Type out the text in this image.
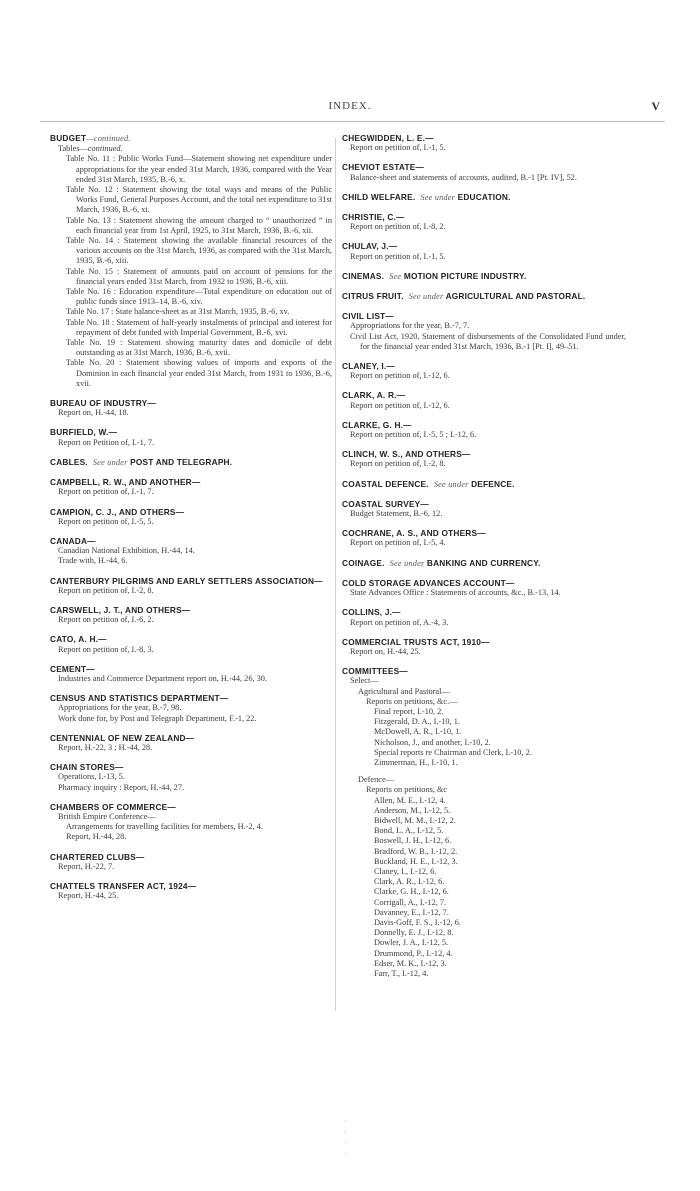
INDEX.	V
BUDGET—continued.
Tables—continued.
Table No. 11 : Public Works Fund—Statement showing net expenditure under appropriations for the year ended 31st March, 1936, compared with the Year ended 31st March, 1935, B.-6, x.
Table No. 12 : Statement showing the total ways and means of the Public Works Fund, General Purposes Account, and the total net expenditure to 31st March, 1936, B.-6, xi.
Table No. 13 : Statement showing the amount charged to “ unauthorized ” in each financial year from 1st April, 1925, to 31st March, 1936, B.-6, xii.
Table No. 14 : Statement showing the available financial resources of the various accounts on the 31st March, 1936, as compared with the 31st March, 1935, B.-6, xiii.
Table No. 15 : Statement of amounts paid on account of pensions for the financial years ended 31st March, from 1932 to 1936, B.-6, xiii.
Table No. 16 : Education expenditure—Total expenditure on education out of public funds since 1913–14, B.-6, xiv.
Table No. 17 : State balance-sheet as at 31st March, 1935, B.-6, xv.
Table No. 18 : Statement of half-yearly instalments of principal and interest for repayment of debt funded with Imperial Government, B.-6, xvi.
Table No. 19 : Statement showing maturity dates and domicile of debt outstanding as at 31st March, 1936, B.-6, xvii.
Table No. 20 : Statement showing values of imports and exports of the Dominion in each financial year ended 31st March, from 1931 to 1936, B.-6, xvii.
BUREAU OF INDUSTRY—
Report on, H.-44, 18.
BURFIELD, W.—
Report on Petition of, I.-1, 7.
CABLES. See under POST AND TELEGRAPH.
CAMPBELL, R. W., AND ANOTHER—
Report on petition of, I.-1, 7.
CAMPION, C. J., AND OTHERS—
Report on petition of, I.-5, 5.
CANADA—
Canadian National Exhibition, H.-44, 14.
Trade with, H.-44, 6.
CANTERBURY PILGRIMS AND EARLY SETTLERS ASSOCIATION—
Report on petition of, I.-2, 8.
CARSWELL, J. T., AND OTHERS—
Report on petition of, I.-6, 2.
CATO, A. H.—
Report on petition of, I.-8, 3.
CEMENT—
Industries and Commerce Department report on, H.-44, 26, 30.
CENSUS AND STATISTICS DEPARTMENT—
Appropriations for the year, B.-7, 98.
Work done for, by Post and Telegraph Department, F.-1, 22.
CENTENNIAL OF NEW ZEALAND—
Report, H.-22, 3 ; H.-44, 28.
CHAIN STORES—
Operations, I.-13, 5.
Pharmacy inquiry : Report, H.-44, 27.
CHAMBERS OF COMMERCE—
British Empire Conference—
Arrangements for travelling facilities for members, H.-2, 4.
Report, H.-44, 28.
CHARTERED CLUBS—
Report, H.-22, 7.
CHATTELS TRANSFER ACT, 1924—
Report, H.-44, 25.
CHEGWIDDEN, L. E.—
Report on petition of, I.-1, 5.
CHEVIOT ESTATE—
Balance-sheet and statements of accounts, audited, B.-1 [Pt. IV], 52.
CHILD WELFARE. See under EDUCATION.
CHRISTIE, C.—
Report on petition of, I.-8, 2.
CHULAV, J.—
Report on petition of, I.-1, 5.
CINEMAS. See MOTION PICTURE INDUSTRY.
CITRUS FRUIT. See under AGRICULTURAL AND PASTORAL.
CIVIL LIST—
Appropriations for the year, B.-7, 7.
Civil List Act, 1920, Statement of disbursements of the Consolidated Fund under, for the financial year ended 31st March, 1936, B.-1 [Pt. I], 49–51.
CLANEY, I.—
Report on petition of, I.-12, 6.
CLARK, A. R.—
Report on petition of, I.-12, 6.
CLARKE, G. H.—
Report on petition of, I.-5, 5 ; I.-12, 6.
CLINCH, W. S., AND OTHERS—
Report on petition of, I.-2, 8.
COASTAL DEFENCE. See under DEFENCE.
COASTAL SURVEY—
Budget Statement, B.-6, 12.
COCHRANE, A. S., AND OTHERS—
Report on petition of, I.-5, 4.
COINAGE. See under BANKING AND CURRENCY.
COLD STORAGE ADVANCES ACCOUNT—
State Advances Office : Statements of accounts, &c., B.-13, 14.
COLLINS, J.—
Report on petition of, A.-4, 3.
COMMERCIAL TRUSTS ACT, 1910—
Report on, H.-44, 25.
COMMITTEES—
Select—
Agricultural and Pastoral—
Reports on petitions, &c.—
Final report, I.-10, 2.
Fitzgerald, D. A., I.-10, 1.
McDowell, A. R., I.-10, 1.
Nicholson, J., and another, I.-10, 2.
Special reports re Chairman and Clerk, I.-10, 2.
Zimmerman, H., I.-10, 1.
Defence—
Reports on petitions, &c
Allen, M. E., I.-12, 4.
Anderson, M., I.-12, 5.
Bidwell, M. M., I.-12, 2.
Bond, L. A., I.-12, 5.
Boswell, J. H., I.-12, 6.
Bradford, W. B., I.-12, 2.
Buckland, H. E., I.-12, 3.
Claney, I., I.-12, 6.
Clark, A. R., I.-12, 6.
Clarke, G. H., I.-12, 6.
Corrigall, A., I.-12, 7.
Davanney, E., I.-12, 7.
Davis-Goff, F. S., I.-12, 6.
Donnelly, E. J., I.-12, 8.
Dowler, J. A., I.-12, 5.
Drummond, P., I.-12, 4.
Edser, M. K., I.-12, 3.
Farr, T., I.-12, 4.
